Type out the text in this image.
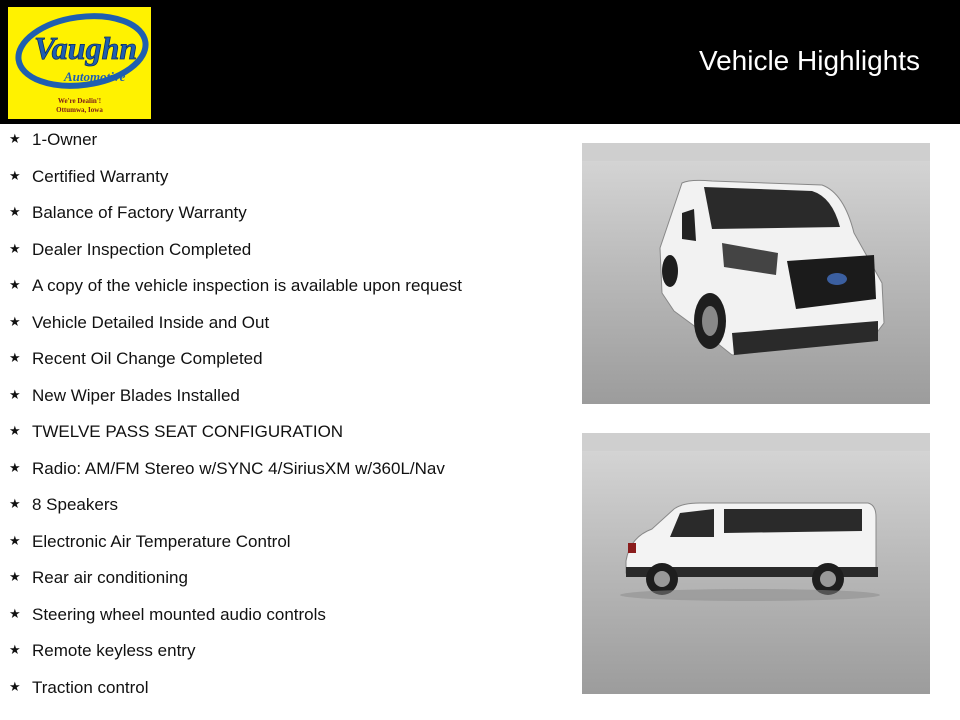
Vaughn
Automotive
We're Dealin'!
Ottumwa, Iowa
Vehicle Highlights
★ 1-Owner
★ Certified Warranty
★ Balance of Factory Warranty
★ Dealer Inspection Completed
★ A copy of the vehicle inspection is available upon request
★ Vehicle Detailed Inside and Out
★ Recent Oil Change Completed
★ New Wiper Blades Installed
★ TWELVE PASS SEAT CONFIGURATION
★ Radio: AM/FM Stereo w/SYNC 4/SiriusXM w/360L/Nav
★ 8 Speakers
★ Electronic Air Temperature Control
★ Rear air conditioning
★ Steering wheel mounted audio controls
★ Remote keyless entry
★ Traction control
